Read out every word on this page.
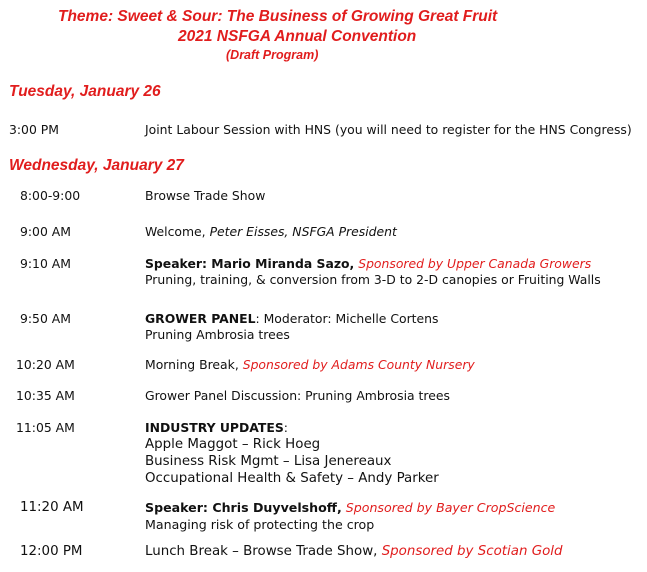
Theme: Sweet & Sour: The Business of Growing Great Fruit
2021 NSFGA Annual Convention
(Draft Program)
Tuesday, January 26
3:00 PM	Joint Labour Session with HNS (you will need to register for the HNS Congress)
Wednesday, January 27
8:00-9:00	Browse Trade Show
9:00 AM	Welcome, Peter Eisses, NSFGA President
9:10 AM	Speaker: Mario Miranda Sazo, Sponsored by Upper Canada Growers
Pruning, training, & conversion from 3-D to 2-D canopies or Fruiting Walls
9:50 AM	GROWER PANEL: Moderator: Michelle Cortens
Pruning Ambrosia trees
10:20 AM	Morning Break, Sponsored by Adams County Nursery
10:35 AM	Grower Panel Discussion: Pruning Ambrosia trees
11:05 AM	INDUSTRY UPDATES:
Apple Maggot – Rick Hoeg
Business Risk Mgmt – Lisa Jenereaux
Occupational Health & Safety – Andy Parker
11:20 AM	Speaker: Chris Duyvelshoff, Sponsored by Bayer CropScience
Managing risk of protecting the crop
12:00 PM	Lunch Break – Browse Trade Show, Sponsored by Scotian Gold
